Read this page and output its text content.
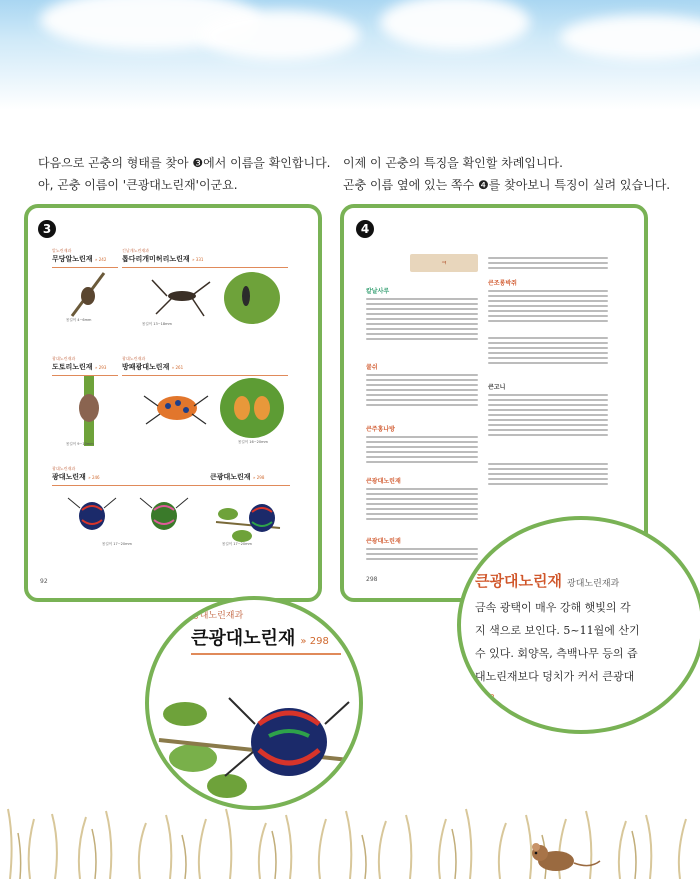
다음으로 곤충의 형태를 찾아 ❸에서 이름을 확인합니다.
아, 곤충 이름이 '큰광대노린재'이군요.
이제 이 곤충의 특징을 확인할 차례입니다.
곤충 이름 옆에 있는 쪽수 ❹를 찾아보니 특징이 실려 있습니다.
3
알노린재과
무당알노린재 » 242
몸길이 4~6mm
긴날개노린재과
톱다리개미허리노린재 » 331
몸길이 13~18mm
광대노린재과
도토리노린재 » 293
몸길이 9~10mm
광대노린재과
방패광대노린재 » 261
몸길이 16~20mm
광대노린재과
광대노린재 » 246
몸길이 17~20mm
큰광대노린재 » 298
몸길이 17~20mm
92
4
298
ㅋ
칼날사루
쿨쉬
큰주홍나방
큰광대노린재
큰광대노린재
큰조롱박쥐
큰고니
광대노린재과
큰광대노린재 » 298
큰광대노린재 광대노린재과
금속 광택이 매우 강해 햇빛의 각
지 색으로 보인다. 5~11월에 산기
수 있다. 회양목, 측백나무 등의 즙
대노린재보다 덩치가 커서 큰광대
» 82
